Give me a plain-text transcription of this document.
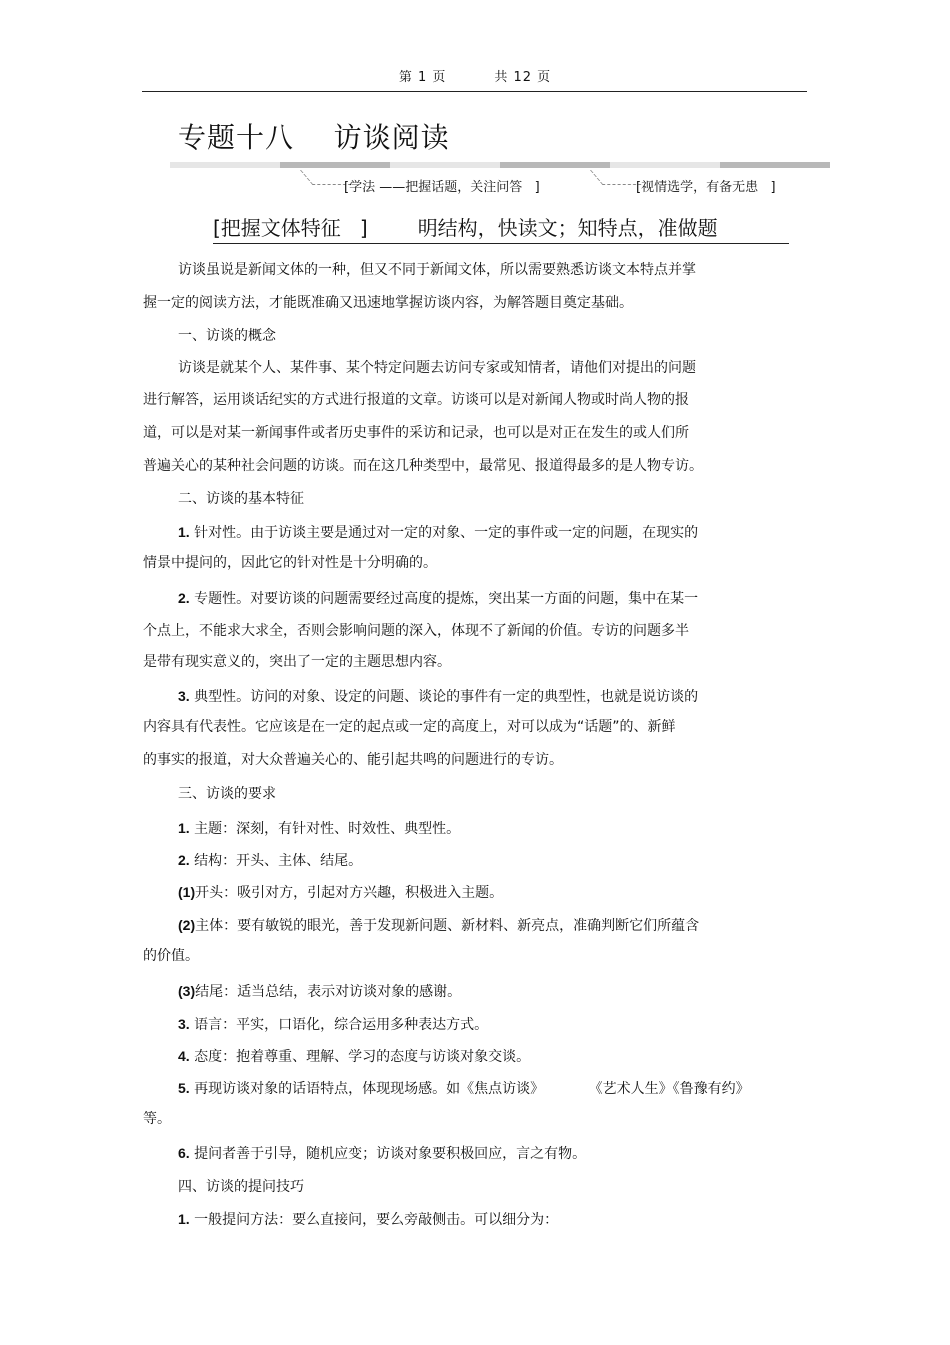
第 1 页	共 12 页
专题十八    访谈阅读
[学法 ——把握话题，关注问答   ]	[视情选学，有备无患   ]
[把握文体特征   ]	明结构，快读文；知特点，准做题
访谈虽说是新闻文体的一种，但又不同于新闻文体，所以需要熟悉访谈文本特点并掌
握一定的阅读方法，才能既准确又迅速地掌握访谈内容，为解答题目奠定基础。
一、访谈的概念
访谈是就某个人、某件事、某个特定问题去访问专家或知情者，请他们对提出的问题
进行解答，运用谈话纪实的方式进行报道的文章。访谈可以是对新闻人物或时尚人物的报
道，可以是对某一新闻事件或者历史事件的采访和记录，也可以是对正在发生的或人们所
普遍关心的某种社会问题的访谈。而在这几种类型中，最常见、报道得最多的是人物专访。
二、访谈的基本特征
1. 针对性。由于访谈主要是通过对一定的对象、一定的事件或一定的问题，在现实的
情景中提问的，因此它的针对性是十分明确的。
2. 专题性。对要访谈的问题需要经过高度的提炼，突出某一方面的问题，集中在某一
个点上，不能求大求全，否则会影响问题的深入，体现不了新闻的价值。专访的问题多半
是带有现实意义的，突出了一定的主题思想内容。
3. 典型性。访问的对象、设定的问题、谈论的事件有一定的典型性，也就是说访谈的
内容具有代表性。它应该是在一定的起点或一定的高度上，对可以成为“话题”的、新鲜
的事实的报道，对大众普遍关心的、能引起共鸣的问题进行的专访。
三、访谈的要求
1. 主题：深刻，有针对性、时效性、典型性。
2. 结构：开头、主体、结尾。
(1)开头：吸引对方，引起对方兴趣，积极进入主题。
(2)主体：要有敏锐的眼光，善于发现新问题、新材料、新亮点，准确判断它们所蕴含
的价值。
(3)结尾：适当总结，表示对访谈对象的感谢。
3. 语言：平实，口语化，综合运用多种表达方式。
4. 态度：抱着尊重、理解、学习的态度与访谈对象交谈。
5. 再现访谈对象的话语特点，体现现场感。如《焦点访谈》          《艺术人生》《鲁豫有约》
等。
6. 提问者善于引导，随机应变；访谈对象要积极回应，言之有物。
四、访谈的提问技巧
1. 一般提问方法：要么直接问，要么旁敲侧击。可以细分为：
